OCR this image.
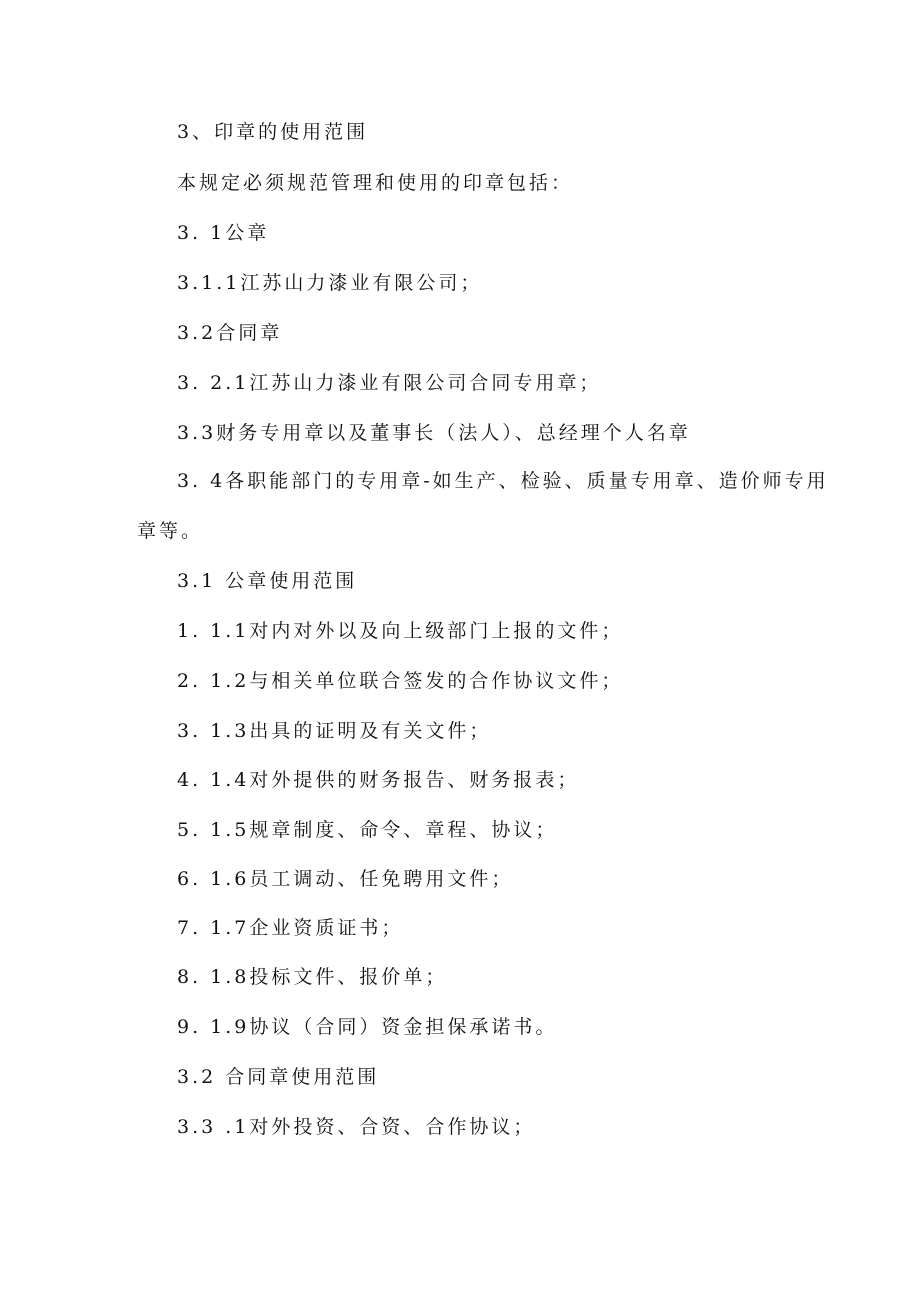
3、印章的使用范围
本规定必须规范管理和使用的印章包括：
3. 1公章
3.1.1江苏山力漆业有限公司；
3.2合同章
3. 2.1江苏山力漆业有限公司合同专用章；
3.3财务专用章以及董事长（法人）、总经理个人名章
3. 4各职能部门的专用章-如生产、检验、质量专用章、造价师专用
章等。
3.1 公章使用范围
1. 1.1对内对外以及向上级部门上报的文件；
2. 1.2与相关单位联合签发的合作协议文件；
3. 1.3出具的证明及有关文件；
4. 1.4对外提供的财务报告、财务报表；
5. 1.5规章制度、命令、章程、协议；
6. 1.6员工调动、任免聘用文件；
7. 1.7企业资质证书；
8. 1.8投标文件、报价单；
9. 1.9协议（合同）资金担保承诺书。
3.2 合同章使用范围
3.3 .1对外投资、合资、合作协议；
